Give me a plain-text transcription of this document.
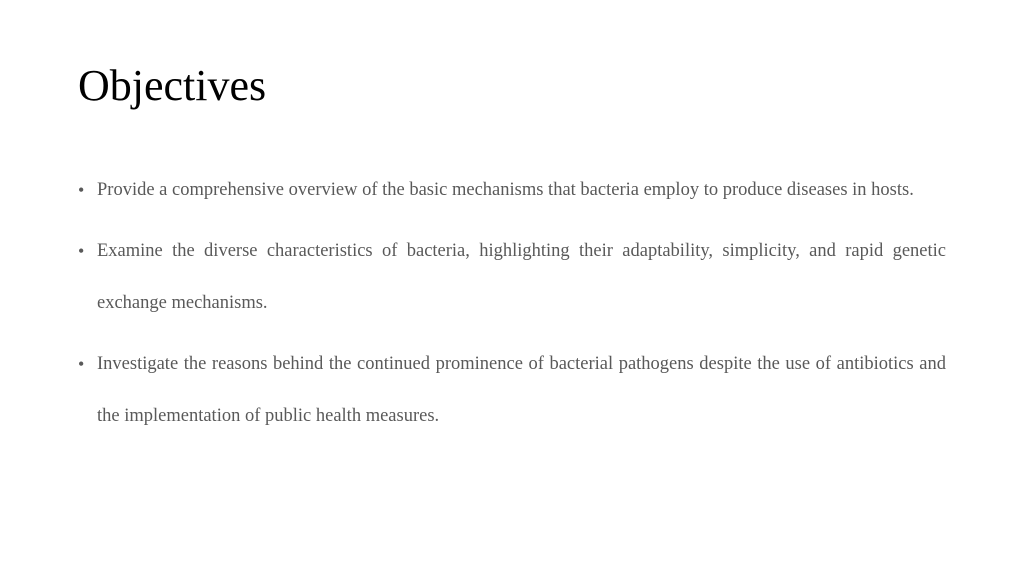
Objectives
• Provide a comprehensive overview of the basic mechanisms that bacteria employ to produce diseases in hosts.
• Examine the diverse characteristics of bacteria, highlighting their adaptability, simplicity, and rapid genetic exchange mechanisms.
• Investigate the reasons behind the continued prominence of bacterial pathogens despite the use of antibiotics and the implementation of public health measures.
